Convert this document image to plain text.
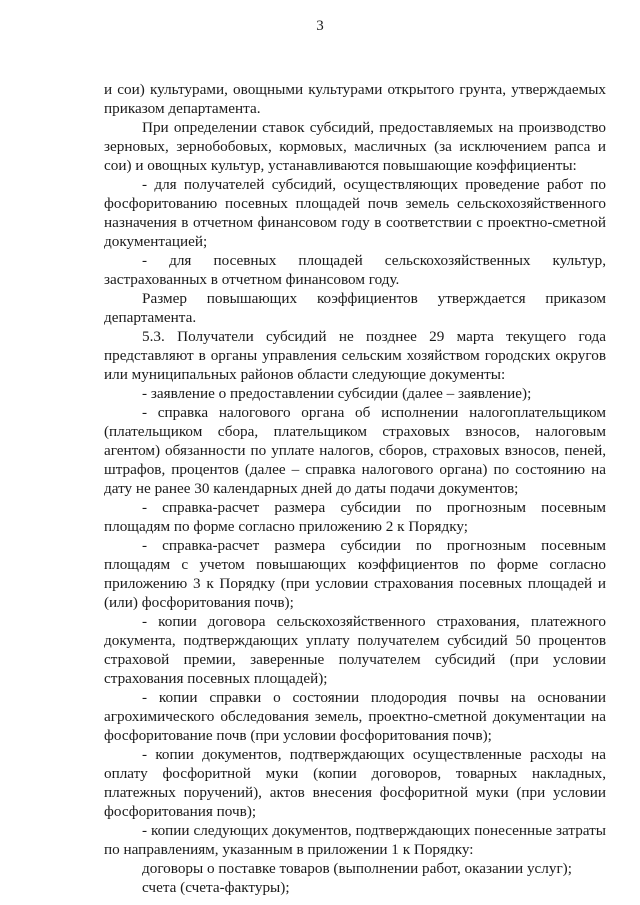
3

и сои) культурами, овощными культурами открытого грунта, утверждаемых приказом департамента.

При определении ставок субсидий, предоставляемых на производство зерновых, зернобобовых, кормовых, масличных (за исключением рапса и сои) и овощных культур, устанавливаются повышающие коэффициенты:

- для получателей субсидий, осуществляющих проведение работ по фосфоритованию посевных площадей почв земель сельскохозяйственного назначения в отчетном финансовом году в соответствии с проектно-сметной документацией;

- для посевных площадей сельскохозяйственных культур, застрахованных в отчетном финансовом году.

Размер повышающих коэффициентов утверждается приказом департамента.

5.3. Получатели субсидий не позднее 29 марта текущего года представляют в органы управления сельским хозяйством городских округов или муниципальных районов области следующие документы:

- заявление о предоставлении субсидии (далее – заявление);

- справка налогового органа об исполнении налогоплательщиком (плательщиком сбора, плательщиком страховых взносов, налоговым агентом) обязанности по уплате налогов, сборов, страховых взносов, пеней, штрафов, процентов (далее – справка налогового органа) по состоянию на дату не ранее 30 календарных дней до даты подачи документов;

- справка-расчет размера субсидии по прогнозным посевным площадям по форме согласно приложению 2 к Порядку;

- справка-расчет размера субсидии по прогнозным посевным площадям с учетом повышающих коэффициентов по форме согласно приложению 3 к Порядку (при условии страхования посевных площадей и (или) фосфоритования почв);

- копии договора сельскохозяйственного страхования, платежного документа, подтверждающих уплату получателем субсидий 50 процентов страховой премии, заверенные получателем субсидий (при условии страхования посевных площадей);

- копии справки о состоянии плодородия почвы на основании агрохимического обследования земель, проектно-сметной документации на фосфоритование почв (при условии фосфоритования почв);

- копии документов, подтверждающих осуществленные расходы на оплату фосфоритной муки (копии договоров, товарных накладных, платежных поручений), актов внесения фосфоритной муки (при условии фосфоритования почв);

- копии следующих документов, подтверждающих понесенные затраты по направлениям, указанным в приложении 1 к Порядку:

договоры о поставке товаров (выполнении работ, оказании услуг);

счета (счета-фактуры);
